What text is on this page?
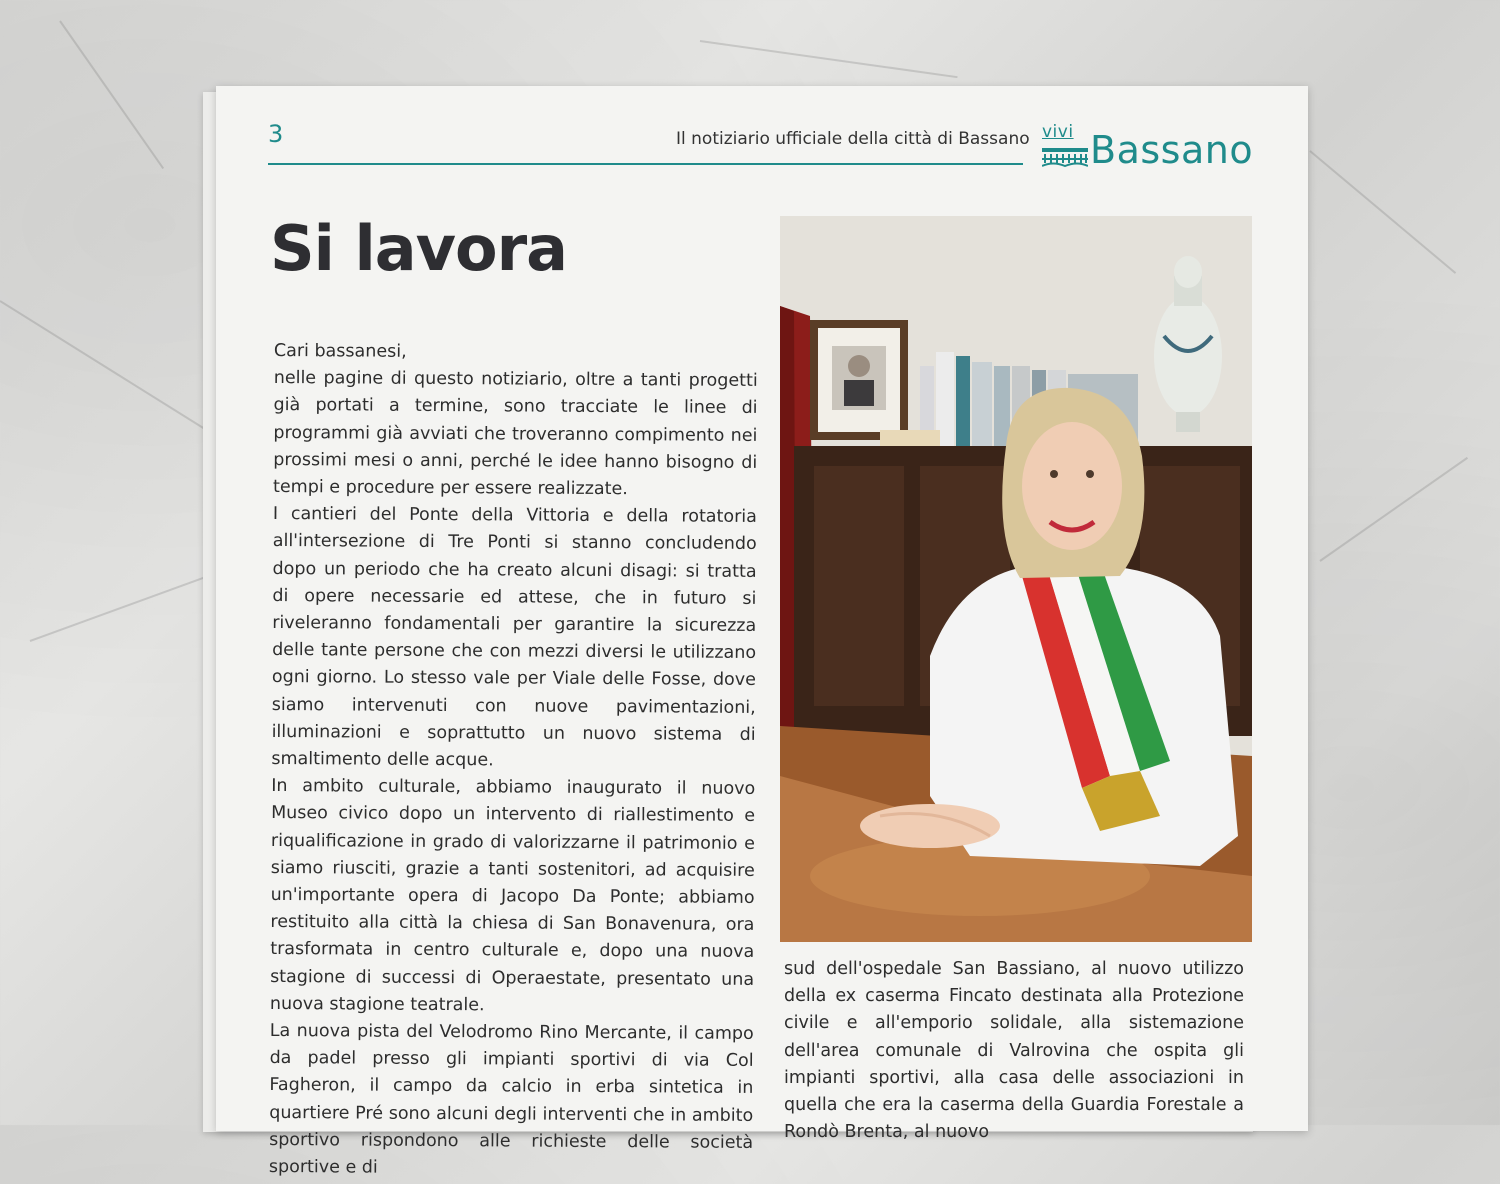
3	Il notiziario ufficiale della città di Bassano vivi Bassano
Si lavora

Cari bassanesi,

nelle pagine di questo notiziario, oltre a tanti progetti già portati a termine, sono tracciate le linee di programmi già avviati che troveranno compimento nei prossimi mesi o anni, perché le idee hanno bisogno di tempi e procedure per essere realizzate.

I cantieri del Ponte della Vittoria e della rotatoria all'intersezione di Tre Ponti si stanno concludendo dopo un periodo che ha creato alcuni disagi: si tratta di opere necessarie ed attese, che in futuro si riveleranno fondamentali per garantire la sicurezza delle tante persone che con mezzi diversi le utilizzano ogni giorno. Lo stesso vale per Viale delle Fosse, dove siamo intervenuti con nuove pavimentazioni, illuminazioni e soprattutto un nuovo sistema di smaltimento delle acque.

In ambito culturale, abbiamo inaugurato il nuovo Museo civico dopo un intervento di riallestimento e riqualificazione in grado di valorizzarne il patrimonio e siamo riusciti, grazie a tanti sostenitori, ad acquisire un'importante opera di Jacopo Da Ponte; abbiamo restituito alla città la chiesa di San Bonavenura, ora trasformata in centro culturale e, dopo una nuova stagione di successi di Operaestate, presentato una nuova stagione teatrale.

La nuova pista del Velodromo Rino Mercante, il campo da padel presso gli impianti sportivi di via Col Fagheron, il campo da calcio in erba sintetica in quartiere Pré sono alcuni degli interventi che in ambito sportivo rispondono alle richieste delle società sportive e di

sud dell'ospedale San Bassiano, al nuovo utilizzo della ex caserma Fincato destinata alla Protezione civile e all'emporio solidale, alla sistemazione dell'area comunale di Valrovina che ospita gli impianti sportivi, alla casa delle associazioni in quella che era la caserma della Guardia Forestale a Rondò Brenta, al nuovo
